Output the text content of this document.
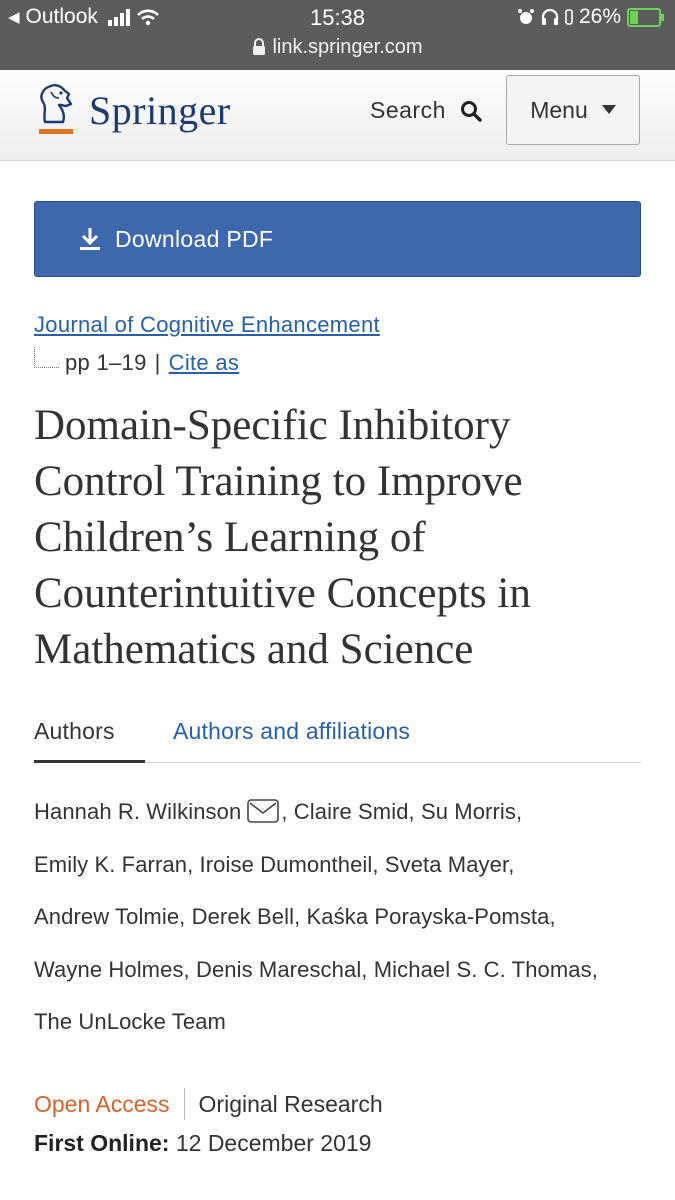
◀ Outlook	15:38	26%
link.springer.com
Springer	Search	Menu
Download PDF
Journal of Cognitive Enhancement
pp 1–19 | Cite as
Domain-Specific Inhibitory
Control Training to Improve
Children’s Learning of
Counterintuitive Concepts in
Mathematics and Science
Authors	Authors and affiliations
Hannah R. Wilkinson , Claire Smid, Su Morris,
Emily K. Farran, Iroise Dumontheil, Sveta Mayer,
Andrew Tolmie, Derek Bell, Kaśka Porayska-Pomsta,
Wayne Holmes, Denis Mareschal, Michael S. C. Thomas,
The UnLocke Team
Open Access	Original Research
First Online: 12 December 2019
